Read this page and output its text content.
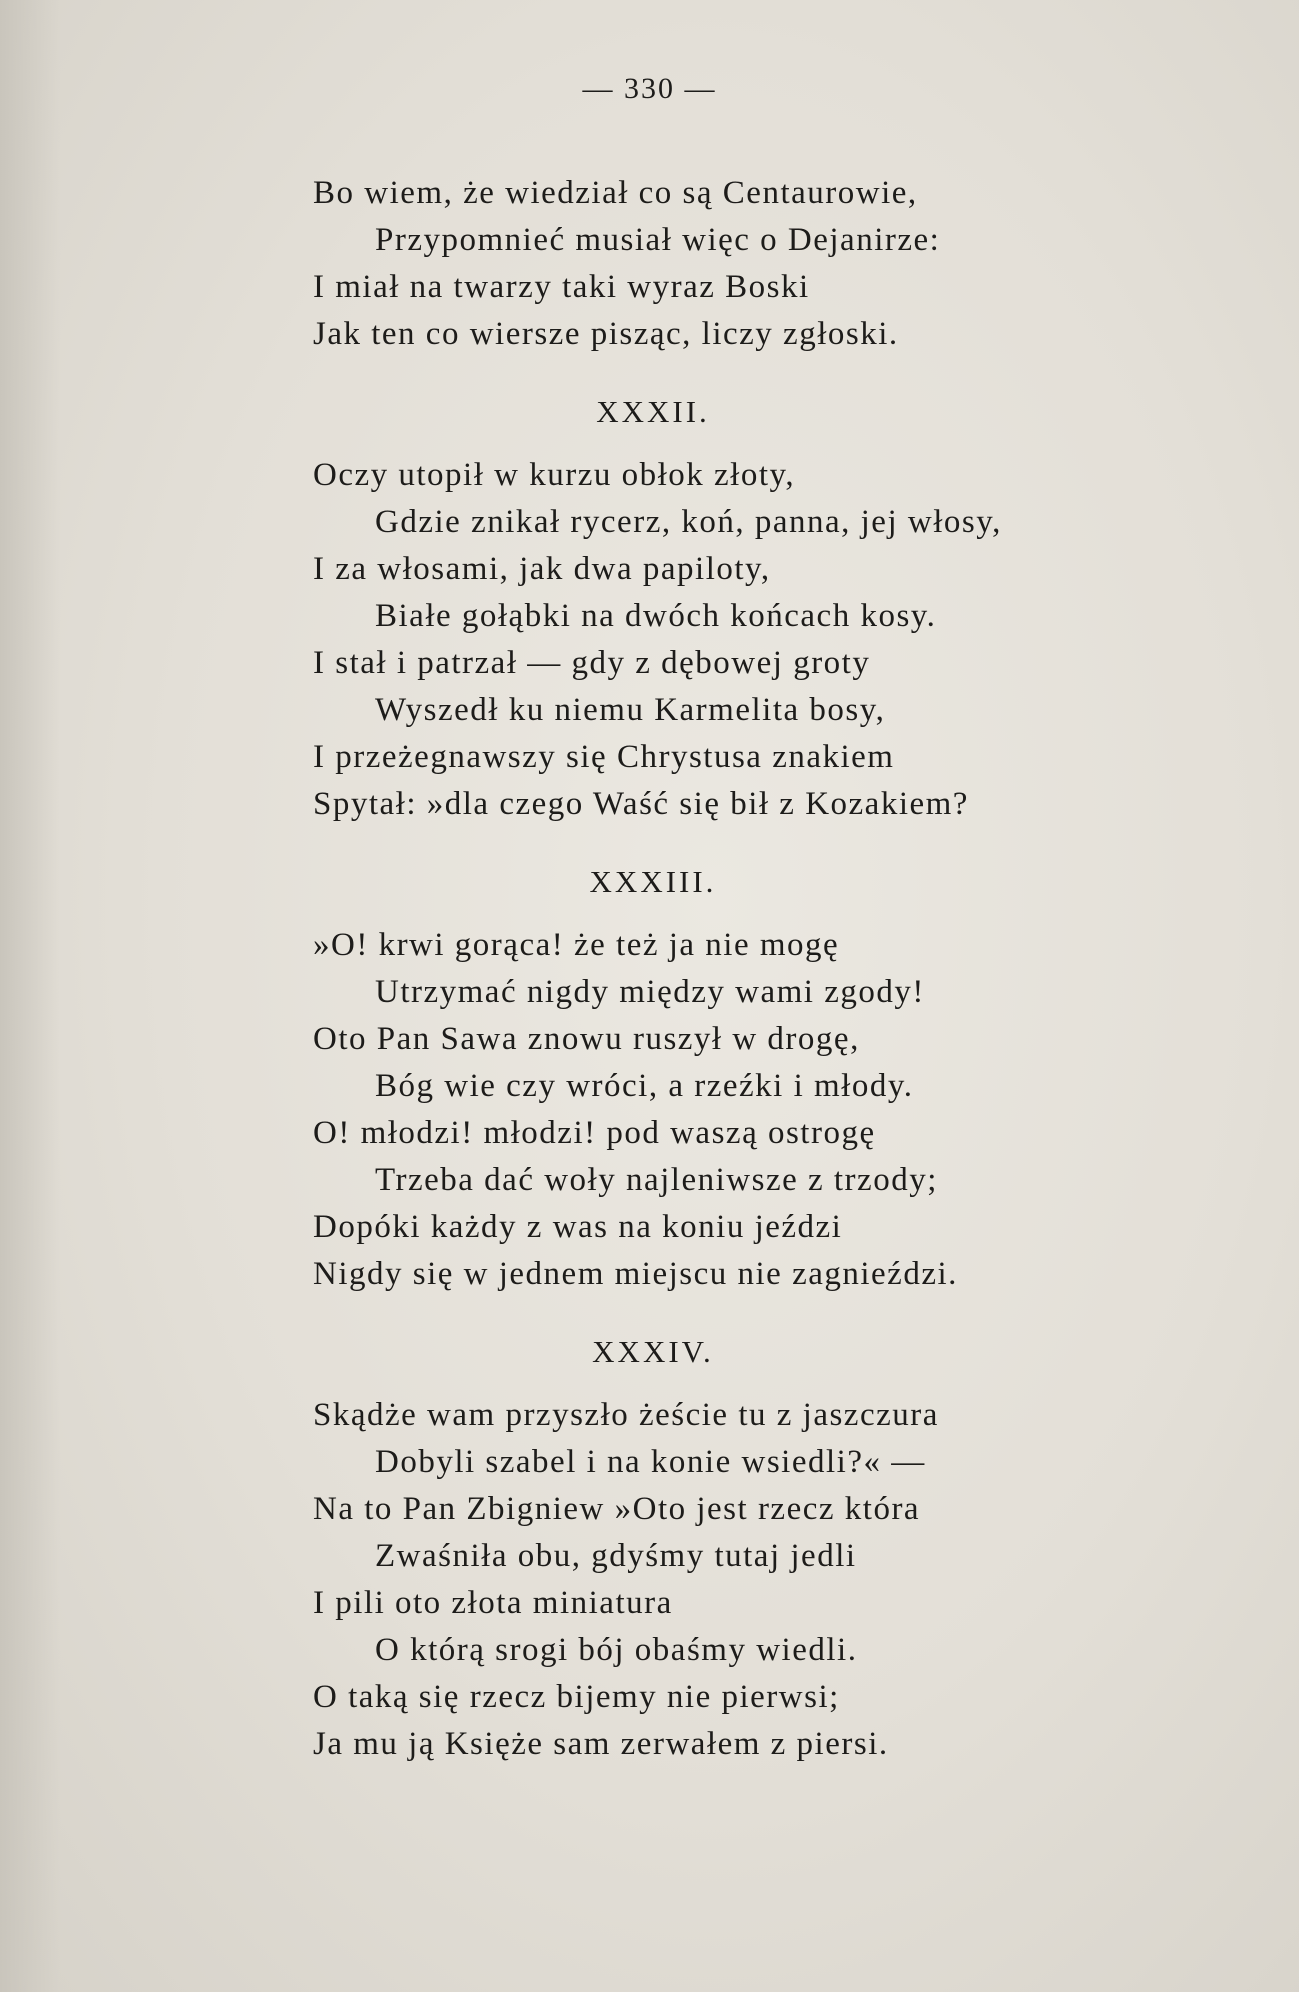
— 330 —
Bo wiem, że wiedział co są Centaurowie,
Przypomnieć musiał więc o Dejanirze:
I miał na twarzy taki wyraz Boski
Jak ten co wiersze pisząc, liczy zgłoski.
XXXII.
Oczy utopił w kurzu obłok złoty,
Gdzie znikał rycerz, koń, panna, jej włosy,
I za włosami, jak dwa papiloty,
Białe gołąbki na dwóch końcach kosy.
I stał i patrzał — gdy z dębowej groty
Wyszedł ku niemu Karmelita bosy,
I przeżegnawszy się Chrystusa znakiem
Spytał: »dla czego Waść się bił z Kozakiem?
XXXIII.
»O! krwi gorąca! że też ja nie mogę
Utrzymać nigdy między wami zgody!
Oto Pan Sawa znowu ruszył w drogę,
Bóg wie czy wróci, a rzeźki i młody.
O! młodzi! młodzi! pod waszą ostrogę
Trzeba dać woły najleniwsze z trzody;
Dopóki każdy z was na koniu jeździ
Nigdy się w jednem miejscu nie zagnieździ.
XXXIV.
Skądże wam przyszło żeście tu z jaszczura
Dobyli szabel i na konie wsiedli?« —
Na to Pan Zbigniew »Oto jest rzecz która
Zwaśniła obu, gdyśmy tutaj jedli
I pili oto złota miniatura
O którą srogi bój obaśmy wiedli.
O taką się rzecz bijemy nie pierwsi;
Ja mu ją Księże sam zerwałem z piersi.
